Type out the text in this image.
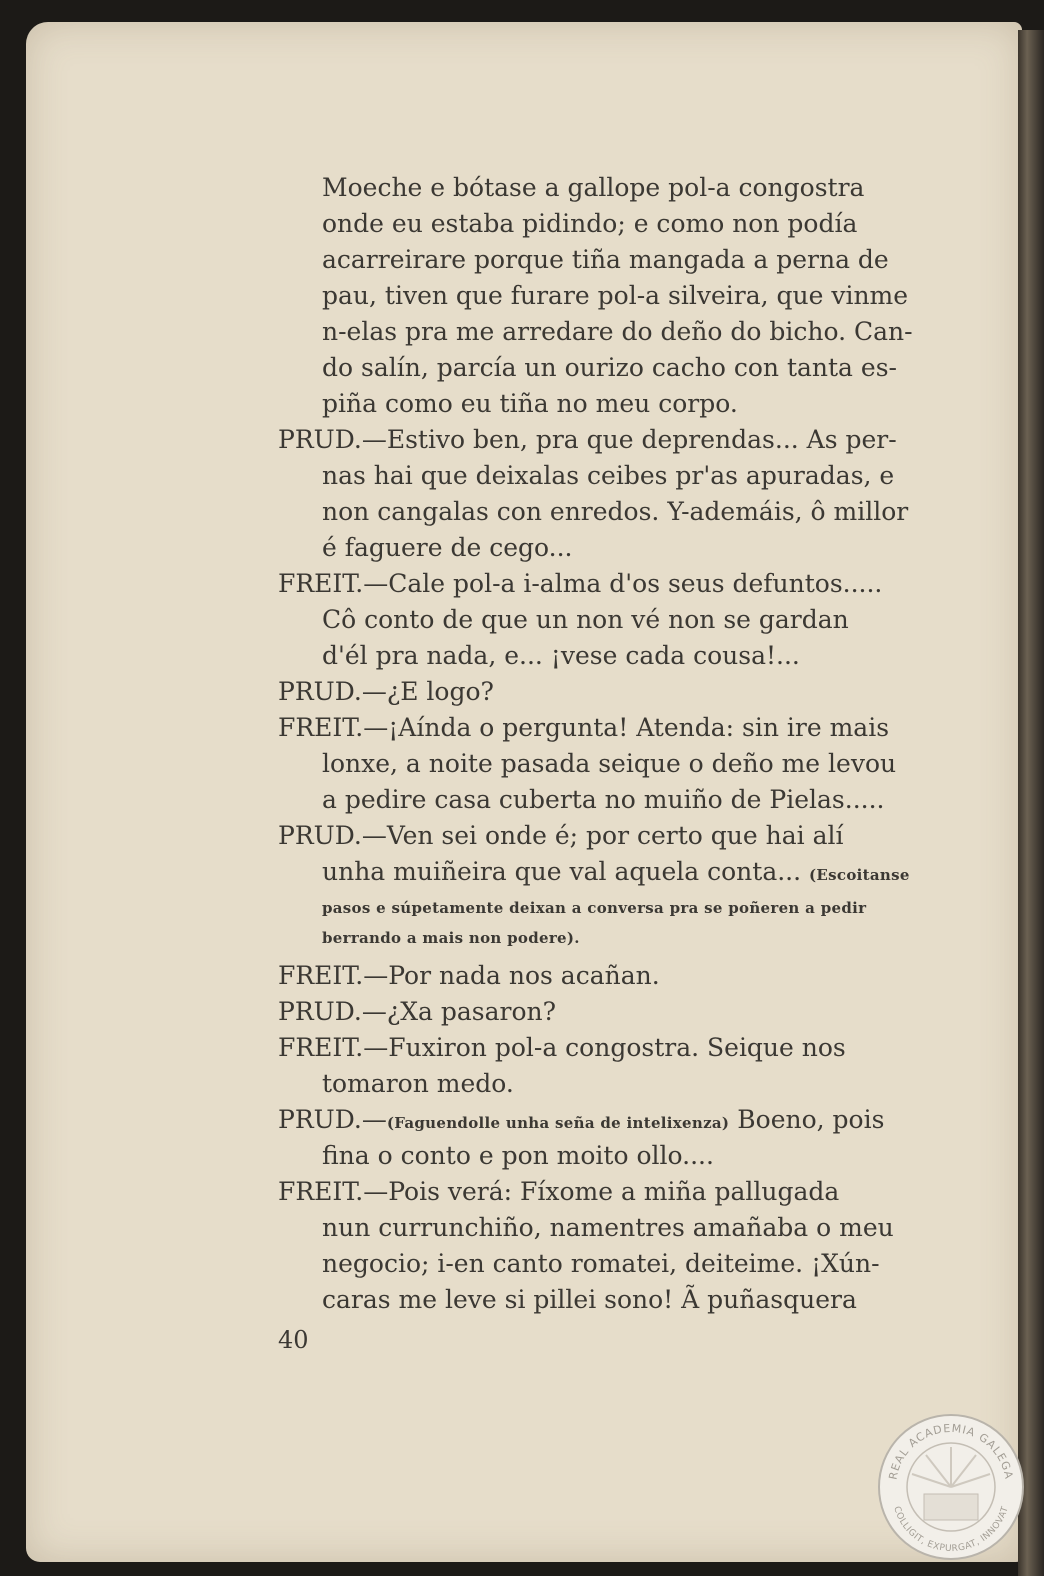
Moeche e bótase a gallope pol-a congostra
onde eu estaba pidindo; e como non podía
acarreirare porque tiña mangada a perna de
pau, tiven que furare pol-a silveira, que vinme
n-elas pra me arredare do deño do bicho. Can-
do salín, parcía un ourizo cacho con tanta es-
piña como eu tiña no meu corpo.
PRUD.—Estivo ben, pra que deprendas... As per-
nas hai que deixalas ceibes pr'as apuradas, e
non cangalas con enredos. Y-ademáis, ô millor
é faguere de cego...
FREIT.—Cale pol-a i-alma d'os seus defuntos.....
Cô conto de que un non vé non se gardan
d'él pra nada, e... ¡vese cada cousa!...
PRUD.—¿E logo?
FREIT.—¡Aínda o pergunta! Atenda: sin ire mais
lonxe, a noite pasada seique o deño me levou
a pedire casa cuberta no muiño de Pielas.....
PRUD.—Ven sei onde é; por certo que hai alí
unha muiñeira que val aquela conta... (Escoitanse
pasos e súpetamente deixan a conversa pra se poñeren a pedir
berrando a mais non podere).
FREIT.—Por nada nos acañan.
PRUD.—¿Xa pasaron?
FREIT.—Fuxiron pol-a congostra. Seique nos
tomaron medo.
PRUD.—(Faguendolle unha seña de intelixenza) Boeno, pois
fina o conto e pon moito ollo....
FREIT.—Pois verá: Fíxome a miña pallugada
nun currunchiño, namentres amañaba o meu
negocio; i-en canto romatei, deiteime. ¡Xún-
caras me leve si pillei sono! Ã puñasquera
40
REAL ACADEMIA GALEGA
COLLIGIT, EXPURGAT, INNOVAT
